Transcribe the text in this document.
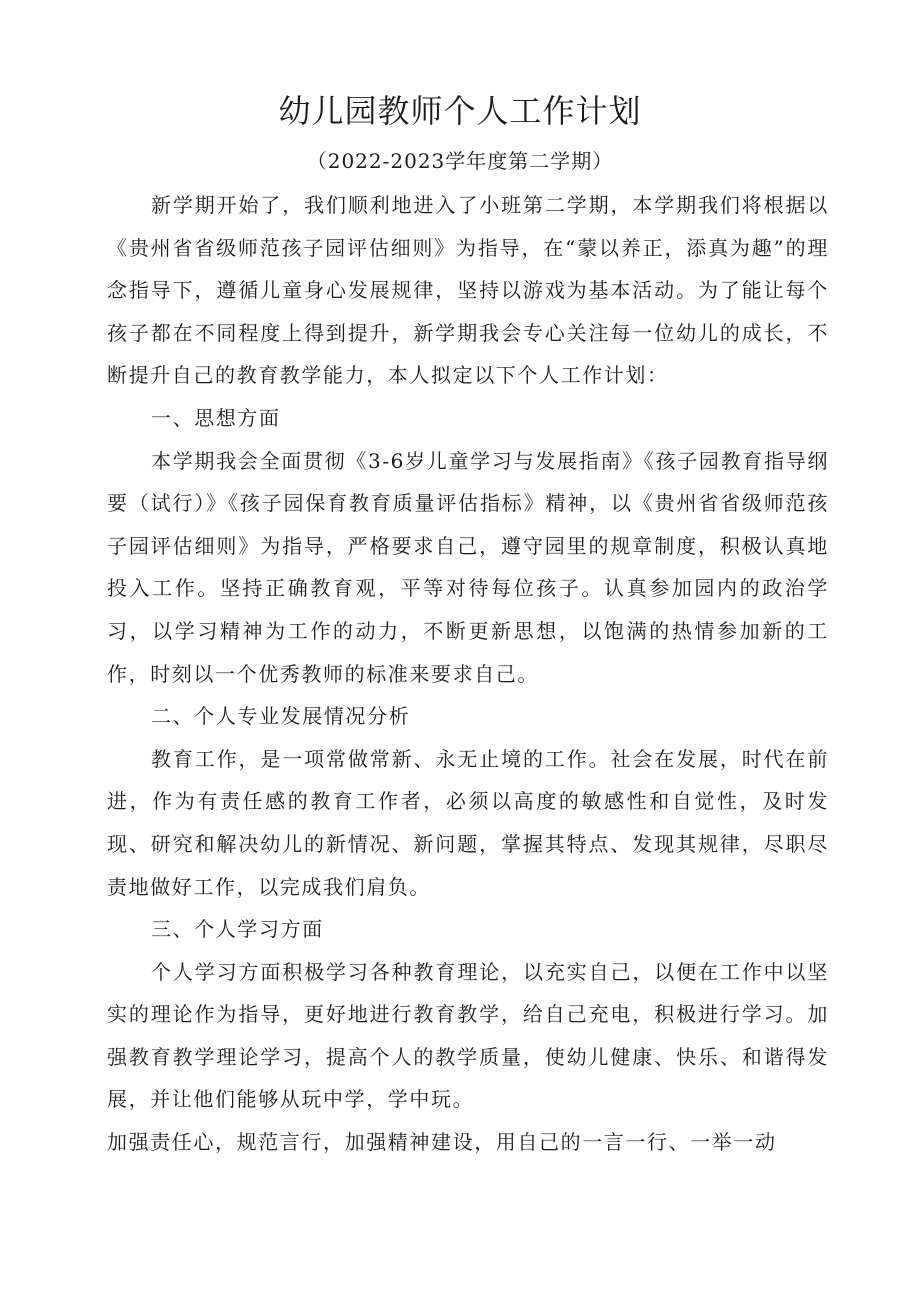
幼儿园教师个人工作计划
（2022-2023学年度第二学期）

新学期开始了，我们顺利地进入了小班第二学期，本学期我们将根据以《贵州省省级师范孩子园评估细则》为指导，在“蒙以养正，添真为趣”的理念指导下，遵循儿童身心发展规律，坚持以游戏为基本活动。为了能让每个孩子都在不同程度上得到提升，新学期我会专心关注每一位幼儿的成长，不断提升自己的教育教学能力，本人拟定以下个人工作计划：

一、思想方面

本学期我会全面贯彻《3-6岁儿童学习与发展指南》《孩子园教育指导纲要（试行）》《孩子园保育教育质量评估指标》精神，以《贵州省省级师范孩子园评估细则》为指导，严格要求自己，遵守园里的规章制度，积极认真地投入工作。坚持正确教育观，平等对待每位孩子。认真参加园内的政治学习，以学习精神为工作的动力，不断更新思想，以饱满的热情参加新的工作，时刻以一个优秀教师的标准来要求自己。

二、个人专业发展情况分析

教育工作，是一项常做常新、永无止境的工作。社会在发展，时代在前进，作为有责任感的教育工作者，必须以高度的敏感性和自觉性，及时发现、研究和解决幼儿的新情况、新问题，掌握其特点、发现其规律，尽职尽责地做好工作，以完成我们肩负。

三、个人学习方面

个人学习方面积极学习各种教育理论，以充实自己，以便在工作中以坚实的理论作为指导，更好地进行教育教学，给自己充电，积极进行学习。加强教育教学理论学习，提高个人的教学质量，使幼儿健康、快乐、和谐得发展，并让他们能够从玩中学，学中玩。

加强责任心，规范言行，加强精神建设，用自己的一言一行、一举一动
